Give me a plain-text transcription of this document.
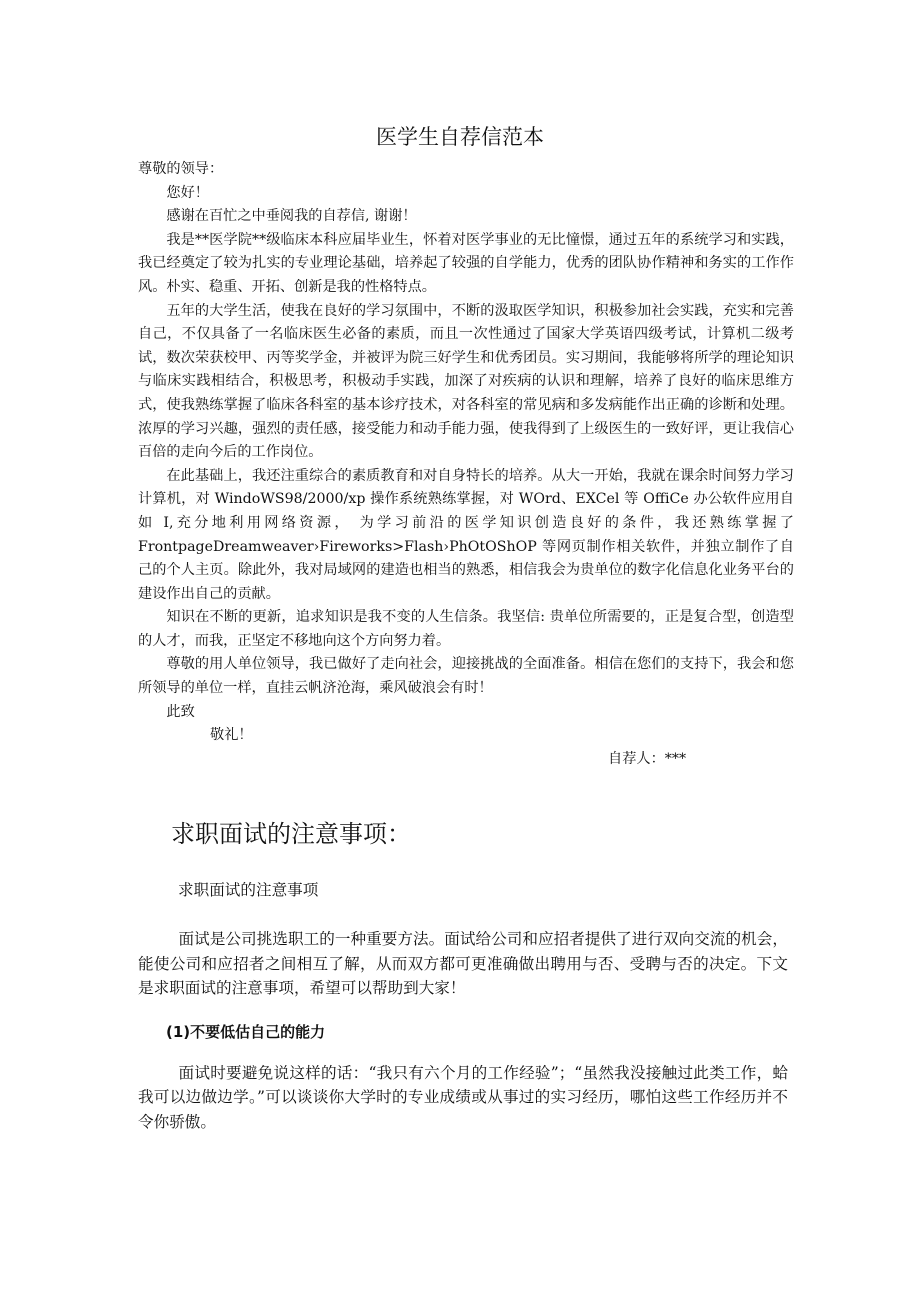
医学生自荐信范本

尊敬的领导：

您好！

感谢在百忙之中垂阅我的自荐信, 谢谢！

我是**医学院**级临床本科应届毕业生，怀着对医学事业的无比憧憬，通过五年的系统学习和实践，我已经奠定了较为扎实的专业理论基础，培养起了较强的自学能力，优秀的团队协作精神和务实的工作作风。朴实、稳重、开拓、创新是我的性格特点。

五年的大学生活，使我在良好的学习氛围中，不断的汲取医学知识，积极参加社会实践，充实和完善自己，不仅具备了一名临床医生必备的素质，而且一次性通过了国家大学英语四级考试，计算机二级考试，数次荣获校甲、丙等奖学金，并被评为院三好学生和优秀团员。实习期间，我能够将所学的理论知识与临床实践相结合，积极思考，积极动手实践，加深了对疾病的认识和理解，培养了良好的临床思维方式，使我熟练掌握了临床各科室的基本诊疗技术，对各科室的常见病和多发病能作出正确的诊断和处理。浓厚的学习兴趣，强烈的责任感，接受能力和动手能力强，使我得到了上级医生的一致好评，更让我信心百倍的走向今后的工作岗位。

在此基础上，我还注重综合的素质教育和对自身特长的培养。从大一开始，我就在课余时间努力学习计算机，对 WindoWS98/2000/xp 操作系统熟练掌握，对 WOrd、EXCel 等 OffiCe 办公软件应用自如 I,充分地利用网络资源， 为学习前沿的医学知识创造良好的条件，我还熟练掌握了 FrontpageDreamweaver›Fireworks>Flash›PhOtOShOP 等网页制作相关软件，并独立制作了自己的个人主页。除此外，我对局域网的建造也相当的熟悉，相信我会为贵单位的数字化信息化业务平台的建设作出自己的贡献。

知识在不断的更新，追求知识是我不变的人生信条。我坚信: 贵单位所需要的，正是复合型，创造型的人才，而我，正坚定不移地向这个方向努力着。

尊敬的用人单位领导，我已做好了走向社会，迎接挑战的全面准备。相信在您们的支持下，我会和您所领导的单位一样，直挂云帆济沧海，乘风破浪会有时！

此致

敬礼！

自荐人：***

求职面试的注意事项：

求职面试的注意事项

面试是公司挑选职工的一种重要方法。面试给公司和应招者提供了进行双向交流的机会，能使公司和应招者之间相互了解，从而双方都可更准确做出聘用与否、受聘与否的决定。下文是求职面试的注意事项，希望可以帮助到大家！

(1)不要低估自己的能力

面试时要避免说这样的话：“我只有六个月的工作经验”；“虽然我没接触过此类工作，蛤我可以边做边学。”可以谈谈你大学时的专业成绩或从事过的实习经历，哪怕这些工作经历并不令你骄傲。
